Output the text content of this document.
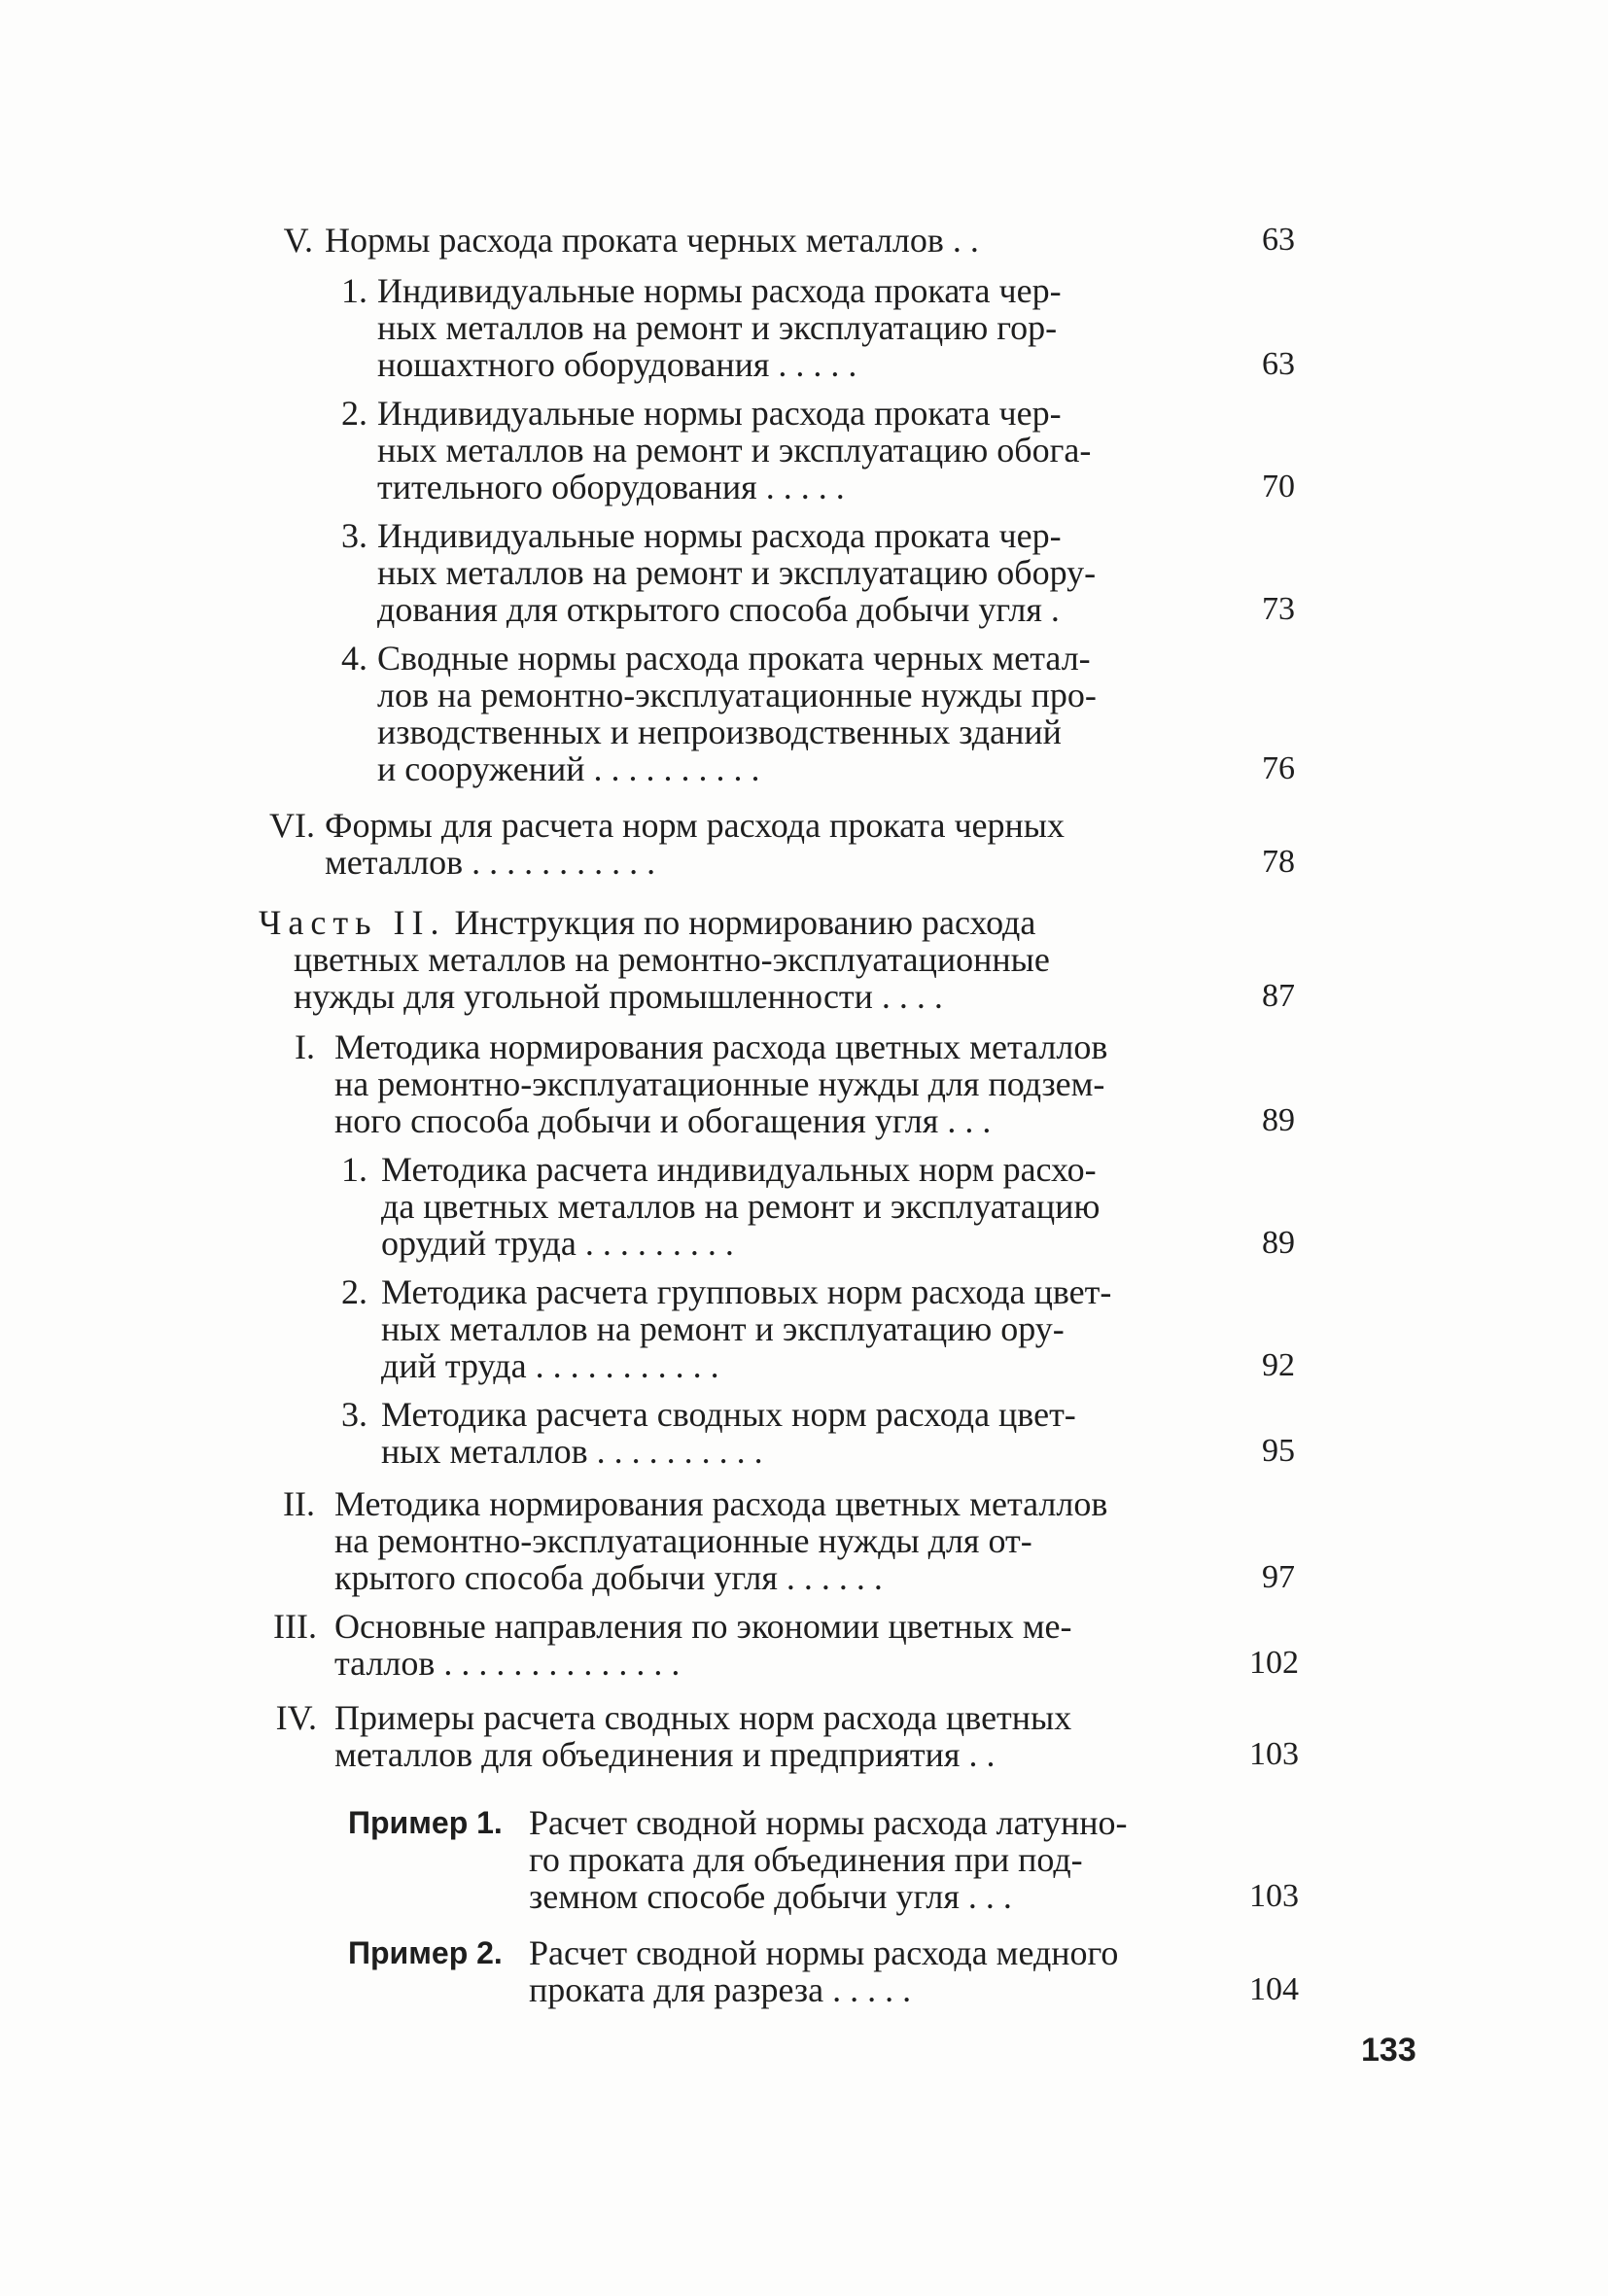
V. Нормы расхода проката черных металлов . .	63
1. Индивидуальные нормы расхода проката чер-
ных металлов на ремонт и эксплуатацию гор-
ношахтного оборудования . . . . .	63
2. Индивидуальные нормы расхода проката чер-
ных металлов на ремонт и эксплуатацию обога-
тительного оборудования . . . . .	70
3. Индивидуальные нормы расхода проката чер-
ных металлов на ремонт и эксплуатацию обору-
дования для открытого способа добычи угля .	73
4. Сводные нормы расхода проката черных метал-
лов на ремонтно-эксплуатационные нужды про-
изводственных и непроизводственных зданий
и сооружений . . . . . . . . . .	76
VI. Формы для расчета норм расхода проката черных
металлов . . . . . . . . . . .	78
Часть II. Инструкция по нормированию расхода
цветных металлов на ремонтно-эксплуатационные
нужды для угольной промышленности . . . .	87
I. Методика нормирования расхода цветных металлов
на ремонтно-эксплуатационные нужды для подзем-
ного способа добычи и обогащения угля . . .	89
1. Методика расчета индивидуальных норм расхо-
да цветных металлов на ремонт и эксплуатацию
орудий труда . . . . . . . . .	89
2. Методика расчета групповых норм расхода цвет-
ных металлов на ремонт и эксплуатацию ору-
дий труда . . . . . . . . . . .	92
3. Методика расчета сводных норм расхода цвет-
ных металлов . . . . . . . . . .	95
II. Методика нормирования расхода цветных металлов
на ремонтно-эксплуатационные нужды для от-
крытого способа добычи угля . . . . . .	97
III. Основные направления по экономии цветных ме-
таллов . . . . . . . . . . . . . .	102
IV. Примеры расчета сводных норм расхода цветных
металлов для объединения и предприятия . .	103
Пример 1. Расчет сводной нормы расхода латунно-
го проката для объединения при под-
земном способе добычи угля . . .	103
Пример 2. Расчет сводной нормы расхода медного
проката для разреза . . . . .	104
133
